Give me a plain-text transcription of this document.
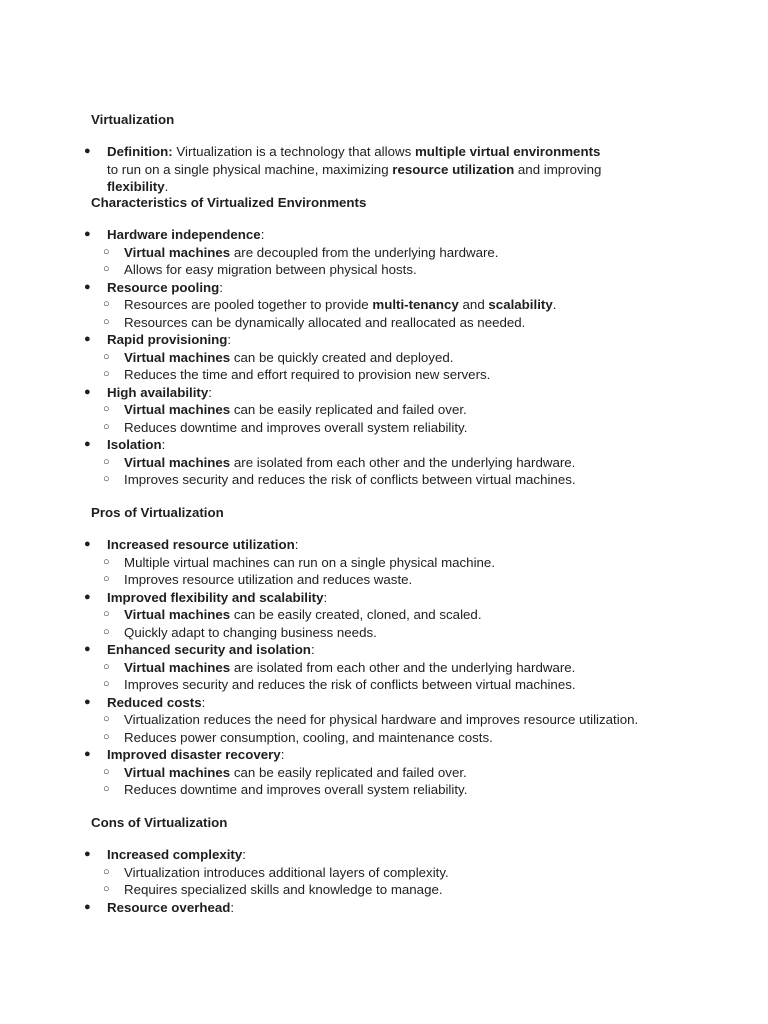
Virtualization
● Definition: Virtualization is a technology that allows multiple virtual environments to run on a single physical machine, maximizing resource utilization and improving flexibility.
Characteristics of Virtualized Environments
● Hardware independence:
○ Virtual machines are decoupled from the underlying hardware.
○ Allows for easy migration between physical hosts.
● Resource pooling:
○ Resources are pooled together to provide multi-tenancy and scalability.
○ Resources can be dynamically allocated and reallocated as needed.
● Rapid provisioning:
○ Virtual machines can be quickly created and deployed.
○ Reduces the time and effort required to provision new servers.
● High availability:
○ Virtual machines can be easily replicated and failed over.
○ Reduces downtime and improves overall system reliability.
● Isolation:
○ Virtual machines are isolated from each other and the underlying hardware.
○ Improves security and reduces the risk of conflicts between virtual machines.
Pros of Virtualization
● Increased resource utilization:
○ Multiple virtual machines can run on a single physical machine.
○ Improves resource utilization and reduces waste.
● Improved flexibility and scalability:
○ Virtual machines can be easily created, cloned, and scaled.
○ Quickly adapt to changing business needs.
● Enhanced security and isolation:
○ Virtual machines are isolated from each other and the underlying hardware.
○ Improves security and reduces the risk of conflicts between virtual machines.
● Reduced costs:
○ Virtualization reduces the need for physical hardware and improves resource utilization.
○ Reduces power consumption, cooling, and maintenance costs.
● Improved disaster recovery:
○ Virtual machines can be easily replicated and failed over.
○ Reduces downtime and improves overall system reliability.
Cons of Virtualization
● Increased complexity:
○ Virtualization introduces additional layers of complexity.
○ Requires specialized skills and knowledge to manage.
● Resource overhead:
